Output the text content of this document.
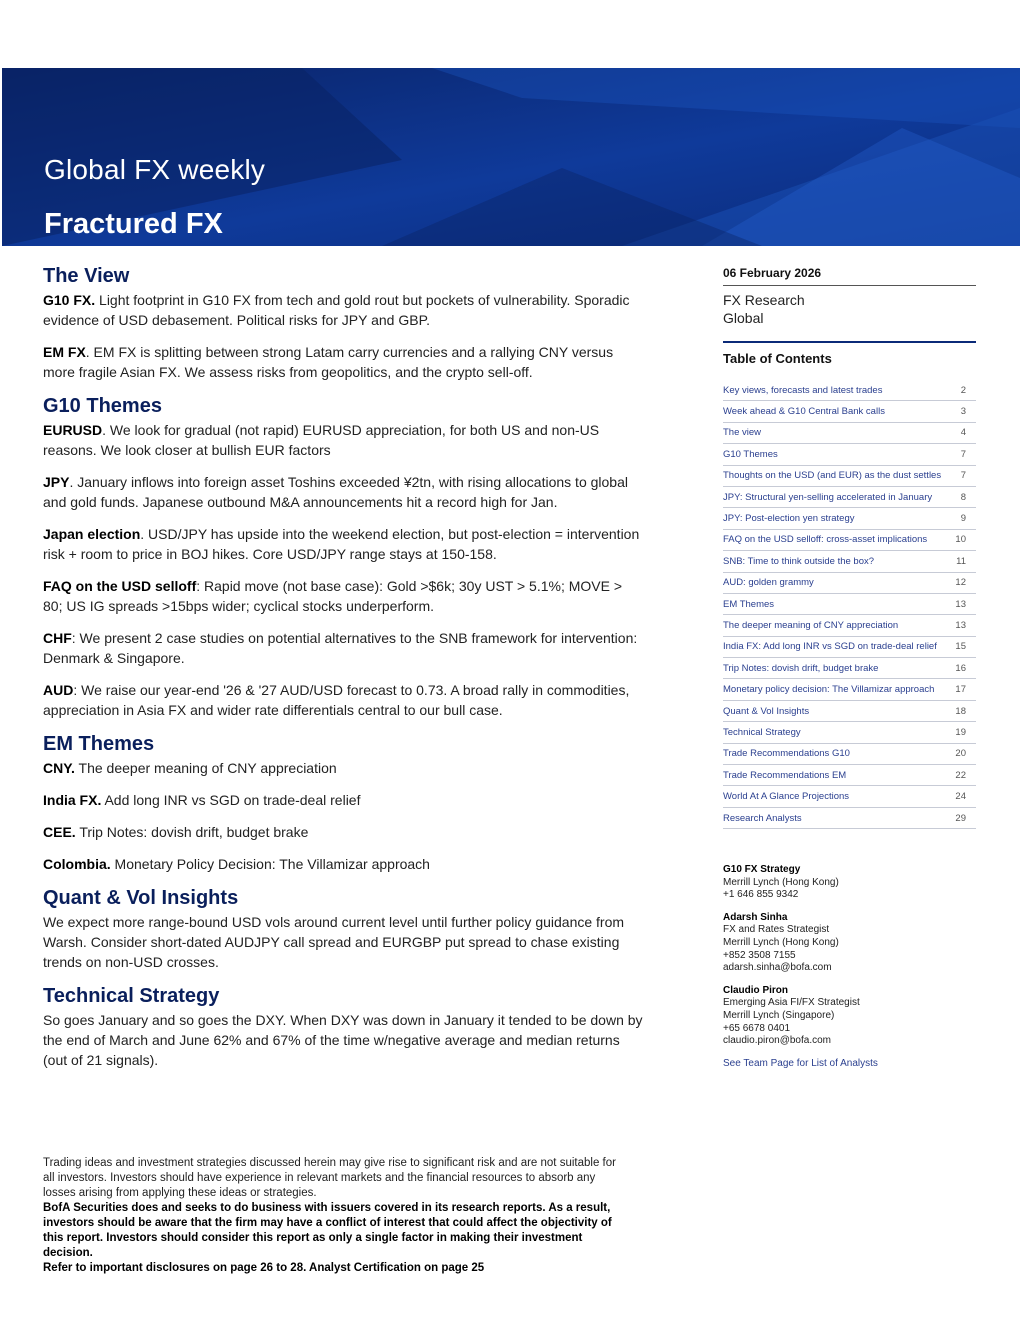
Global FX weekly
Fractured FX
The View

G10 FX. Light footprint in G10 FX from tech and gold rout but pockets of vulnerability. Sporadic evidence of USD debasement. Political risks for JPY and GBP.

EM FX. EM FX is splitting between strong Latam carry currencies and a rallying CNY versus more fragile Asian FX. We assess risks from geopolitics, and the crypto sell-off.

G10 Themes

EURUSD. We look for gradual (not rapid) EURUSD appreciation, for both US and non-US reasons. We look closer at bullish EUR factors

JPY. January inflows into foreign asset Toshins exceeded ¥2tn, with rising allocations to global and gold funds. Japanese outbound M&A announcements hit a record high for Jan.

Japan election. USD/JPY has upside into the weekend election, but post-election = intervention risk + room to price in BOJ hikes. Core USD/JPY range stays at 150-158.

FAQ on the USD selloff: Rapid move (not base case): Gold >$6k; 30y UST > 5.1%; MOVE > 80; US IG spreads >15bps wider; cyclical stocks underperform.

CHF: We present 2 case studies on potential alternatives to the SNB framework for intervention: Denmark & Singapore.

AUD: We raise our year-end '26 & '27 AUD/USD forecast to 0.73. A broad rally in commodities, appreciation in Asia FX and wider rate differentials central to our bull case.

EM Themes

CNY. The deeper meaning of CNY appreciation

India FX. Add long INR vs SGD on trade-deal relief

CEE. Trip Notes: dovish drift, budget brake

Colombia. Monetary Policy Decision: The Villamizar approach

Quant & Vol Insights

We expect more range-bound USD vols around current level until further policy guidance from Warsh. Consider short-dated AUDJPY call spread and EURGBP put spread to chase existing trends on non-USD crosses.

Technical Strategy

So goes January and so goes the DXY. When DXY was down in January it tended to be down by the end of March and June 62% and 67% of the time w/negative average and median returns (out of 21 signals).

06 February 2026
FX Research
Global
Table of Contents
Key views, forecasts and latest trades	2
Week ahead & G10 Central Bank calls	3
The view	4
G10 Themes	7
Thoughts on the USD (and EUR) as the dust settles 7
JPY: Structural yen-selling accelerated in January	8
JPY: Post-election yen strategy	9
FAQ on the USD selloff: cross-asset implications	10
SNB: Time to think outside the box?	11
AUD: golden grammy	12
EM Themes	13
The deeper meaning of CNY appreciation	13
India FX: Add long INR vs SGD on trade-deal relief 15
Trip Notes: dovish drift, budget brake	16
Monetary policy decision: The Villamizar approach 17
Quant & Vol Insights	18
Technical Strategy	19
Trade Recommendations G10	20
Trade Recommendations EM	22
World At A Glance Projections	24
Research Analysts	29
G10 FX Strategy
Merrill Lynch (Hong Kong)
+1 646 855 9342
Adarsh Sinha
FX and Rates Strategist
Merrill Lynch (Hong Kong)
+852 3508 7155
adarsh.sinha@bofa.com
Claudio Piron
Emerging Asia FI/FX Strategist
Merrill Lynch (Singapore)
+65 6678 0401
claudio.piron@bofa.com
See Team Page for List of Analysts
Trading ideas and investment strategies discussed herein may give rise to significant risk and are not suitable for all investors. Investors should have experience in relevant markets and the financial resources to absorb any losses arising from applying these ideas or strategies.
BofA Securities does and seeks to do business with issuers covered in its research reports. As a result, investors should be aware that the firm may have a conflict of interest that could affect the objectivity of this report. Investors should consider this report as only a single factor in making their investment decision.
Refer to important disclosures on page 26 to 28. Analyst Certification on page 25
